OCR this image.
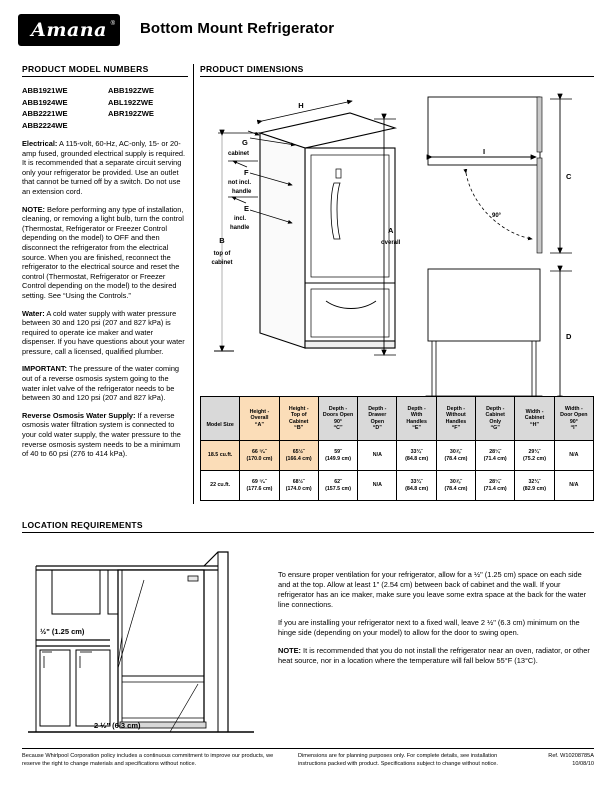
Amana ® Bottom Mount Refrigerator
PRODUCT MODEL NUMBERS
ABB1921WE
ABB1924WE
ABB2221WE
ABB2224WE
ABB192ZWE
ABL192ZWE
ABR192ZWE

Electrical: A 115-volt, 60-Hz, AC-only, 15- or 20-amp fused, grounded electrical supply is required. It is recommended that a separate circuit serving only your refrigerator be provided. Use an outlet that cannot be turned off by a switch. Do not use an extension cord.

NOTE: Before performing any type of installation, cleaning, or removing a light bulb, turn the control (Thermostat, Refrigerator or Freezer Control depending on the model) to OFF and then disconnect the refrigerator from the electrical source. When you are finished, reconnect the refrigerator to the electrical source and reset the control (Thermostat, Refrigerator or Freezer Control depending on the model) to the desired setting. See “Using the Controls.”

Water: A cold water supply with water pressure between 30 and 120 psi (207 and 827 kPa) is required to operate ice maker and water dispenser. If you have questions about your water pressure, call a licensed, qualified plumber.

IMPORTANT: The pressure of the water coming out of a reverse osmosis system going to the water inlet valve of the refrigerator needs to be between 30 and 120 psi (207 and 827 kPa).

Reverse Osmosis Water Supply: If a reverse osmosis water filtration system is connected to your cold water supply, the water pressure to the reverse osmosis system needs to be a minimum of 40 to 60 psi (276 to 414 kPa).

PRODUCT DIMENSIONS
H
G
cabinet
F
not incl.
handle
E
incl.
handle
B
top of
cabinet
A
overall
I
90°
C
D

Model Size	Height -
Overall
“A”	Height -
Top of
Cabinet
“B”	Depth -
Doors Open
90°
“C”	Depth -
Drawer
Open
“D”	Depth -
With
Handles
“E”	Depth -
Without
Handles
“F”	Depth -
Cabinet
Only
“G”	Width -
Cabinet
“H”	Width -
Door Open
90°
“I”
18.5 cu.ft.	66 ⁵⁄₈˝
(170.0 cm)	65½˝
(166.4 cm)	59˝
(149.9 cm)	N/A	33¾˝
(84.8 cm)	30⅞˝
(78.4 cm)	28¼˝
(71.4 cm)	29¾˝
(75.2 cm)	N/A

22 cu.ft.	69 ⁵⁄₈˝
(177.6 cm)	68½˝
(174.0 cm)	62˝
(157.5 cm)	N/A	33¾˝
(84.8 cm)	30⅞˝
(78.4 cm)	28¼˝
(71.4 cm)	32¾˝
(82.9 cm)	N/A
LOCATION REQUIREMENTS
½" (1.25 cm)
2 ½" (6.3 cm)

To ensure proper ventilation for your refrigerator, allow for a ½" (1.25 cm) space on each side and at the top. Allow at least 1" (2.54 cm) between back of cabinet and the wall. If your refrigerator has an ice maker, make sure you leave some extra space at the back for the water line connections.

If you are installing your refrigerator next to a fixed wall, leave 2 ½" (6.3 cm) minimum on the hinge side (depending on your model) to allow for the door to swing open.

NOTE: It is recommended that you do not install the refrigerator near an oven, radiator, or other heat source, nor in a location where the temperature will fall below 55°F (13°C).

Because Whirlpool Corporation policy includes a continuous commitment to improve our products, we reserve the right to change materials and specifications without notice.
Dimensions are for planning purposes only. For complete details, see installation instructions packed with product. Specifications subject to change without notice.
Ref. W10208785A
10/08/10
